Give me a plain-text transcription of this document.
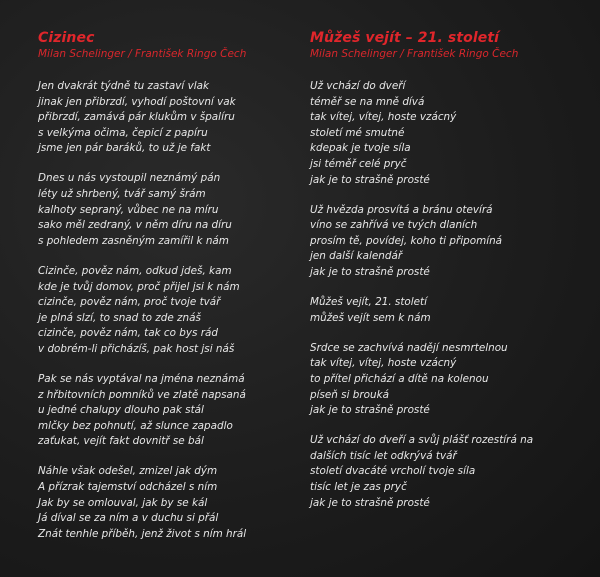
Cizinec

Milan Schelinger / František Ringo Čech

Jen dvakrát týdně tu zastaví vlak
jinak jen přibrzdí, vyhodí poštovní vak
přibrzdí, zamává pár klukům v špalíru
s velkýma očima, čepicí z papíru
jsme jen pár baráků, to už je fakt
Dnes u nás vystoupil neznámý pán
léty už shrbený, tvář samý šrám
kalhoty sepraný, vůbec ne na míru
sako měl zedraný, v něm díru na díru
s pohledem zasněným zamířil k nám
Cizinče, pověz nám, odkud jdeš, kam
kde je tvůj domov, proč přijel jsi k nám
cizinče, pověz nám, proč tvoje tvář
je plná slzí, to snad to zde znáš
cizinče, pověz nám, tak co bys rád
v dobrém-li přicházíš, pak host jsi náš
Pak se nás vyptával na jména neznámá
z hřbitovních pomníků ve zlatě napsaná
u jedné chalupy dlouho pak stál
mlčky bez pohnutí, až slunce zapadlo
zaťukat, vejít fakt dovnitř se bál
Náhle však odešel, zmizel jak dým
A přízrak tajemství odcházel s ním
Jak by se omlouval, jak by se kál
Já díval se za ním a v duchu si přál
Znát tenhle příběh, jenž život s ním hrál

Můžeš vejít – 21. století

Milan Schelinger / František Ringo Čech

Už vchází do dveří
téměř se na mně dívá
tak vítej, vítej, hoste vzácný
století mé smutné
kdepak je tvoje síla
jsi téměř celé pryč
jak je to strašně prosté
Už hvězda prosvítá a bránu otevírá
víno se zahřívá ve tvých dlaních
prosím tě, povídej, koho ti připomíná
jen další kalendář
jak je to strašně prosté
Můžeš vejít, 21. století
můžeš vejít sem k nám
Srdce se zachvívá nadějí nesmrtelnou
tak vítej, vítej, hoste vzácný
to přítel přichází a dítě na kolenou
píseň si brouká
jak je to strašně prosté
Už vchází do dveří a svůj plášť rozestírá na
dalších tisíc let odkrývá tvář
století dvacáté vrcholí tvoje síla
tisíc let je zas pryč
jak je to strašně prosté
